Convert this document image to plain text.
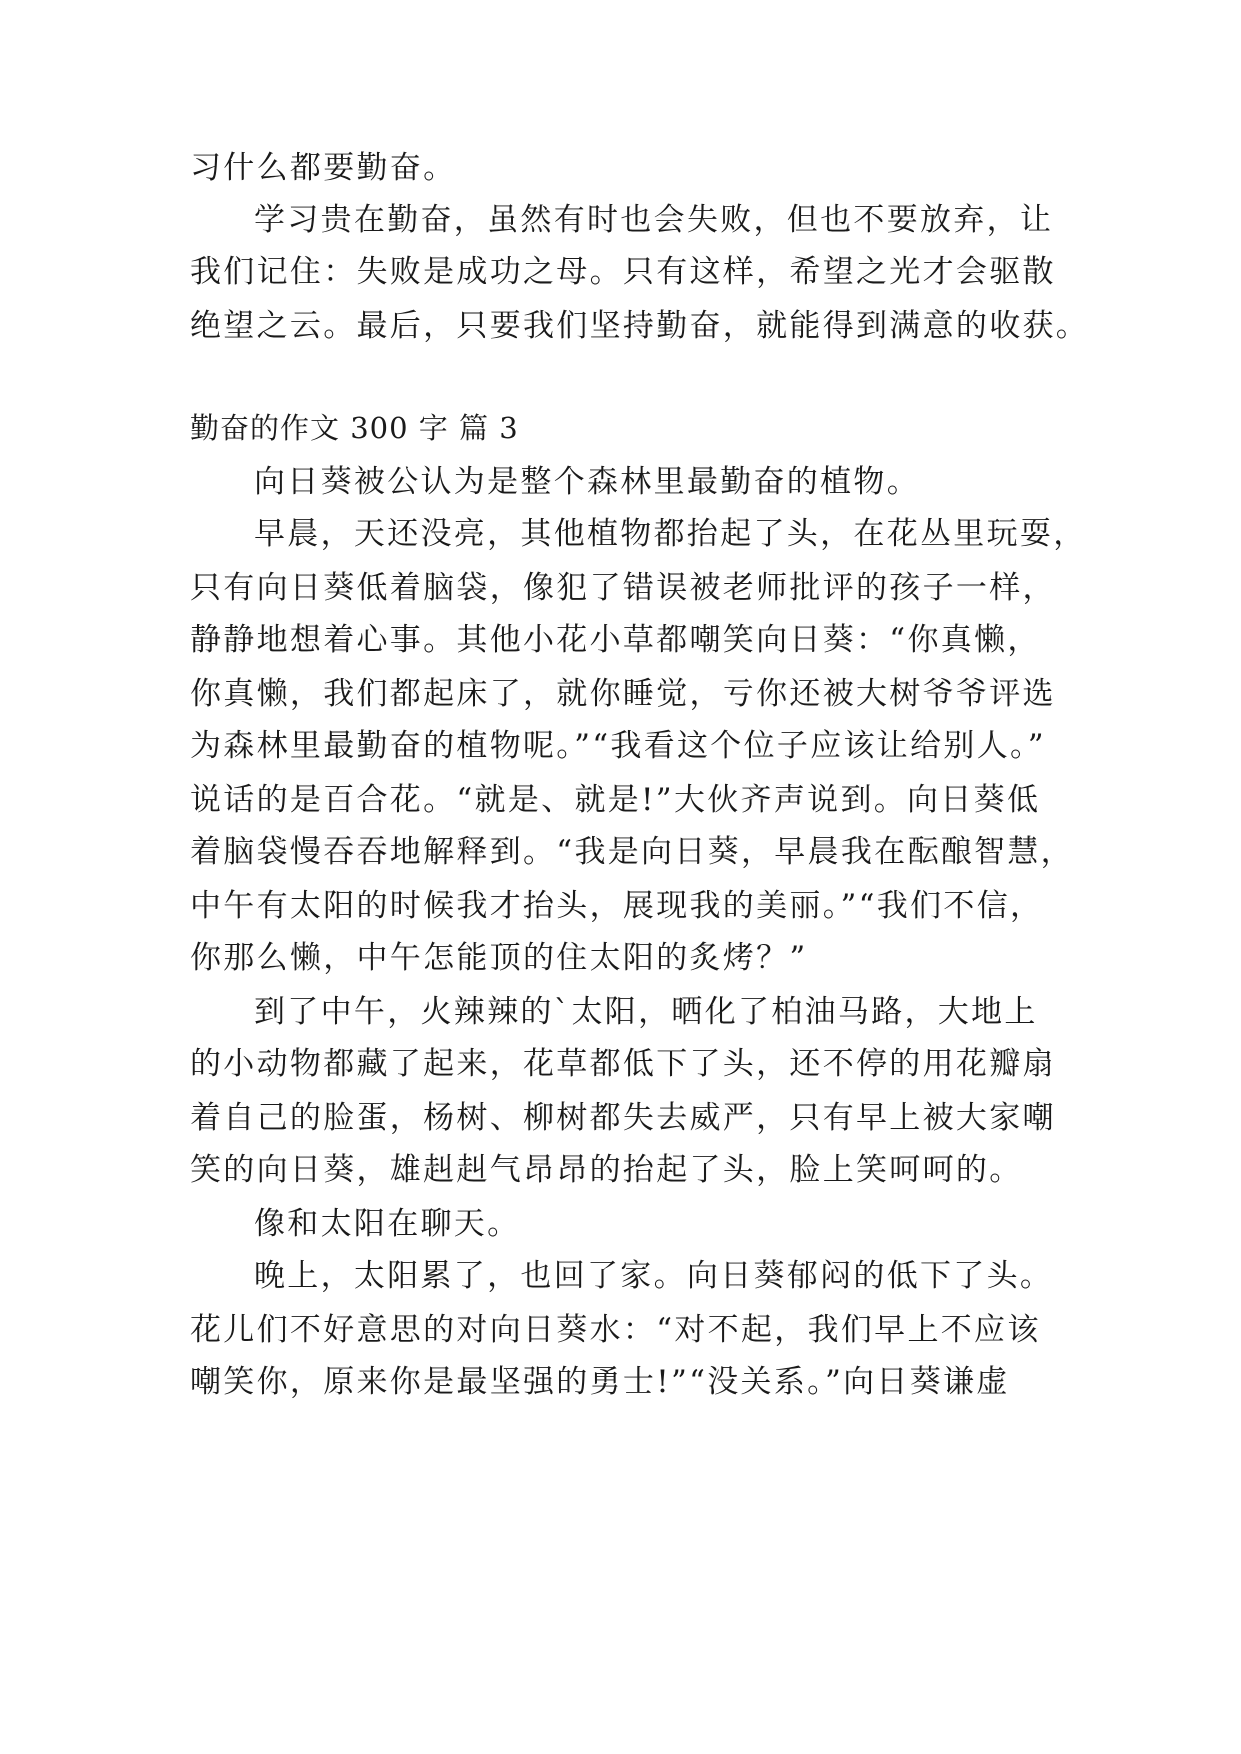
习什么都要勤奋。
学习贵在勤奋，虽然有时也会失败，但也不要放弃，让
我们记住：失败是成功之母。只有这样，希望之光才会驱散
绝望之云。最后，只要我们坚持勤奋，就能得到满意的收获。
勤奋的作文 300 字 篇 3
向日葵被公认为是整个森林里最勤奋的植物。
早晨，天还没亮，其他植物都抬起了头，在花丛里玩耍，
只有向日葵低着脑袋，像犯了错误被老师批评的孩子一样，
静静地想着心事。其他小花小草都嘲笑向日葵：“你真懒，
你真懒，我们都起床了，就你睡觉，亏你还被大树爷爷评选
为森林里最勤奋的植物呢。”“我看这个位子应该让给别人。”
说话的是百合花。“就是、就是!”大伙齐声说到。向日葵低
着脑袋慢吞吞地解释到。“我是向日葵，早晨我在酝酿智慧，
中午有太阳的时候我才抬头，展现我的美丽。”“我们不信，
你那么懒，中午怎能顶的住太阳的炙烤？”
到了中午，火辣辣的`太阳，晒化了柏油马路，大地上
的小动物都藏了起来，花草都低下了头，还不停的用花瓣扇
着自己的脸蛋，杨树、柳树都失去威严，只有早上被大家嘲
笑的向日葵，雄赳赳气昂昂的抬起了头，脸上笑呵呵的。
像和太阳在聊天。
晚上，太阳累了，也回了家。向日葵郁闷的低下了头。
花儿们不好意思的对向日葵水：“对不起，我们早上不应该
嘲笑你，原来你是最坚强的勇士!”“没关系。”向日葵谦虚
